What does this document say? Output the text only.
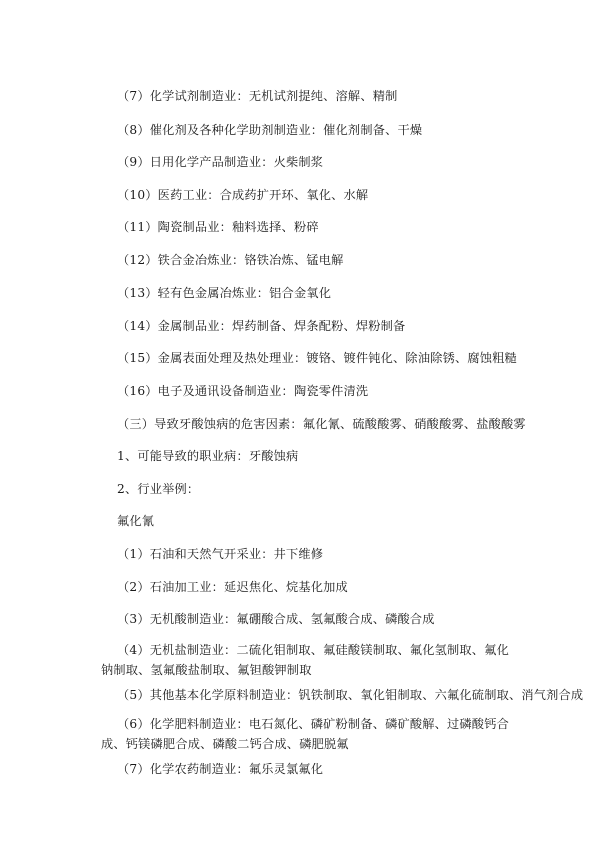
（7）化学试剂制造业：无机试剂提纯、溶解、精制
（8）催化剂及各种化学助剂制造业：催化剂制备、干燥
（9）日用化学产品制造业：火柴制浆
（10）医药工业：合成药扩开环、氧化、水解
（11）陶瓷制品业：釉料选择、粉碎
（12）铁合金冶炼业：铬铁冶炼、锰电解
（13）轻有色金属冶炼业：铝合金氧化
（14）金属制品业：焊药制备、焊条配粉、焊粉制备
（15）金属表面处理及热处理业：镀铬、镀件钝化、除油除锈、腐蚀粗糙
（16）电子及通讯设备制造业：陶瓷零件清洗
（三）导致牙酸蚀病的危害因素：氟化氰、硫酸酸雾、硝酸酸雾、盐酸酸雾
1、可能导致的职业病：牙酸蚀病
2、行业举例：
氟化氰
（1）石油和天然气开采业：井下维修
（2）石油加工业：延迟焦化、烷基化加成
（3）无机酸制造业：氟硼酸合成、氢氟酸合成、磷酸合成
（4）无机盐制造业：二硫化钼制取、氟硅酸镁制取、氟化氢制取、氟化钠制取、氢氟酸盐制取、氟钽酸钾制取
（5）其他基本化学原料制造业：钒铁制取、氧化钼制取、六氟化硫制取、消气剂合成
（6）化学肥料制造业：电石氮化、磷矿粉制备、磷矿酸解、过磷酸钙合成、钙镁磷肥合成、磷酸二钙合成、磷肥脱氟
（7）化学农药制造业：氟乐灵氯氟化
